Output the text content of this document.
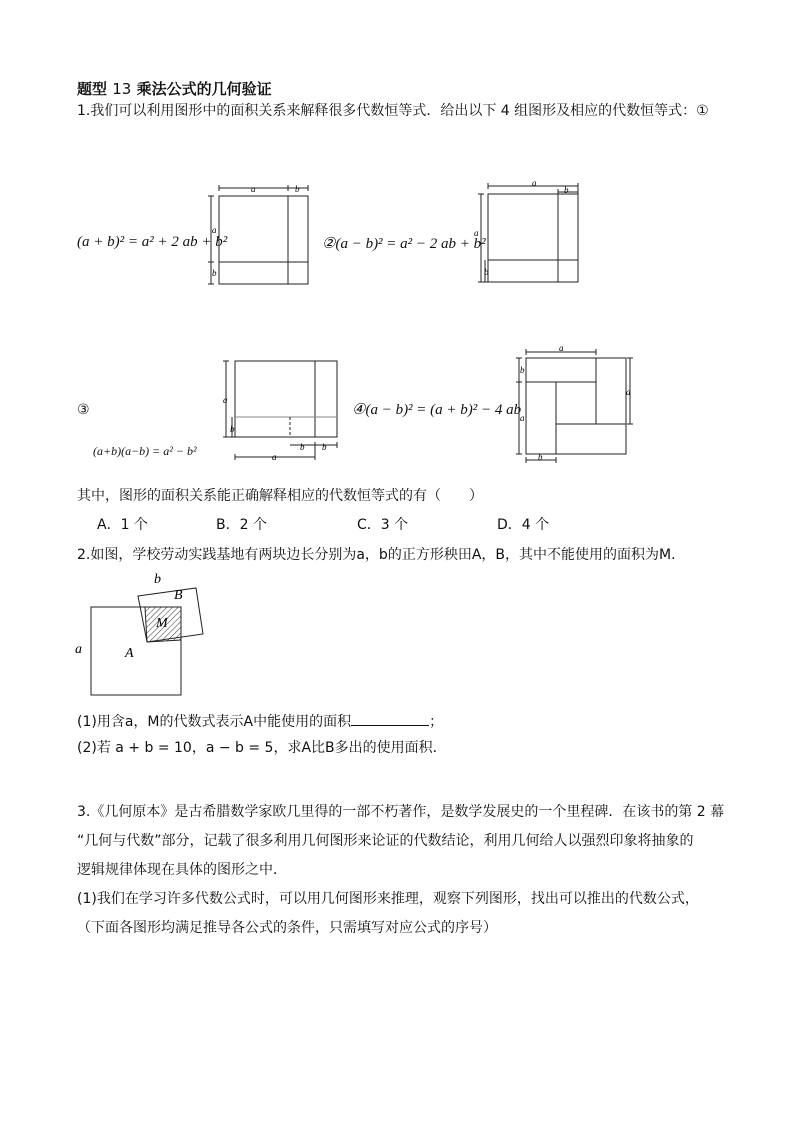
题型 13 乘法公式的几何验证
1.我们可以利用图形中的面积关系来解释很多代数恒等式．给出以下 4 组图形及相应的代数恒等式：①
(a + b)² = a² + 2 ab + b²
a	b
a
b
②(a − b)² = a² − 2 ab + b²
a
b
a
b
③
(a+b)(a−b) = a² − b²
a
b
a
b b
④(a − b)² = (a + b)² − 4 ab
a
b
a
a
b
其中，图形的面积关系能正确解释相应的代数恒等式的有（　　）
A．1 个	B．2 个	C．3 个	D．4 个
2.如图，学校劳动实践基地有两块边长分别为a，b的正方形秧田A，B，其中不能使用的面积为M．
a	A
b
B
M
(1)用含a，M的代数式表示A中能使用的面积	；
(2)若 a + b = 10，a − b = 5，求A比B多出的使用面积．
3.《几何原本》是古希腊数学家欧几里得的一部不朽著作，是数学发展史的一个里程碑．在该书的第 2 幕
“几何与代数”部分，记载了很多利用几何图形来论证的代数结论，利用几何给人以强烈印象将抽象的
逻辑规律体现在具体的图形之中．
(1)我们在学习许多代数公式时，可以用几何图形来推理，观察下列图形，找出可以推出的代数公式，
（下面各图形均满足推导各公式的条件，只需填写对应公式的序号）
